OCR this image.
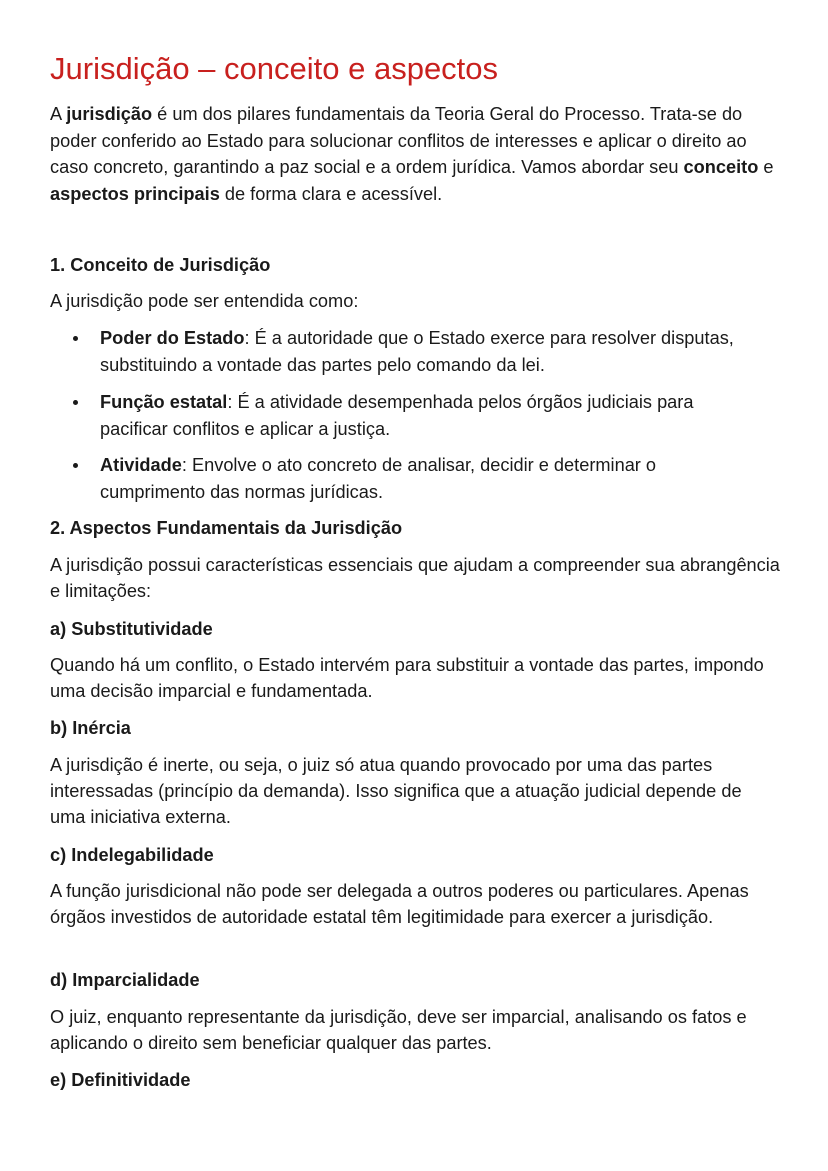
Jurisdição – conceito e aspectos

A jurisdição é um dos pilares fundamentais da Teoria Geral do Processo. Trata-se do poder conferido ao Estado para solucionar conflitos de interesses e aplicar o direito ao caso concreto, garantindo a paz social e a ordem jurídica. Vamos abordar seu conceito e aspectos principais de forma clara e acessível.

1. Conceito de Jurisdição

A jurisdição pode ser entendida como:

Poder do Estado: É a autoridade que o Estado exerce para resolver disputas, substituindo a vontade das partes pelo comando da lei.
Função estatal: É a atividade desempenhada pelos órgãos judiciais para pacificar conflitos e aplicar a justiça.
Atividade: Envolve o ato concreto de analisar, decidir e determinar o cumprimento das normas jurídicas.
2. Aspectos Fundamentais da Jurisdição

A jurisdição possui características essenciais que ajudam a compreender sua abrangência e limitações:

a) Substitutividade

Quando há um conflito, o Estado intervém para substituir a vontade das partes, impondo uma decisão imparcial e fundamentada.

b) Inércia

A jurisdição é inerte, ou seja, o juiz só atua quando provocado por uma das partes interessadas (princípio da demanda). Isso significa que a atuação judicial depende de uma iniciativa externa.

c) Indelegabilidade

A função jurisdicional não pode ser delegada a outros poderes ou particulares. Apenas órgãos investidos de autoridade estatal têm legitimidade para exercer a jurisdição.

d) Imparcialidade

O juiz, enquanto representante da jurisdição, deve ser imparcial, analisando os fatos e aplicando o direito sem beneficiar qualquer das partes.

e) Definitividade
